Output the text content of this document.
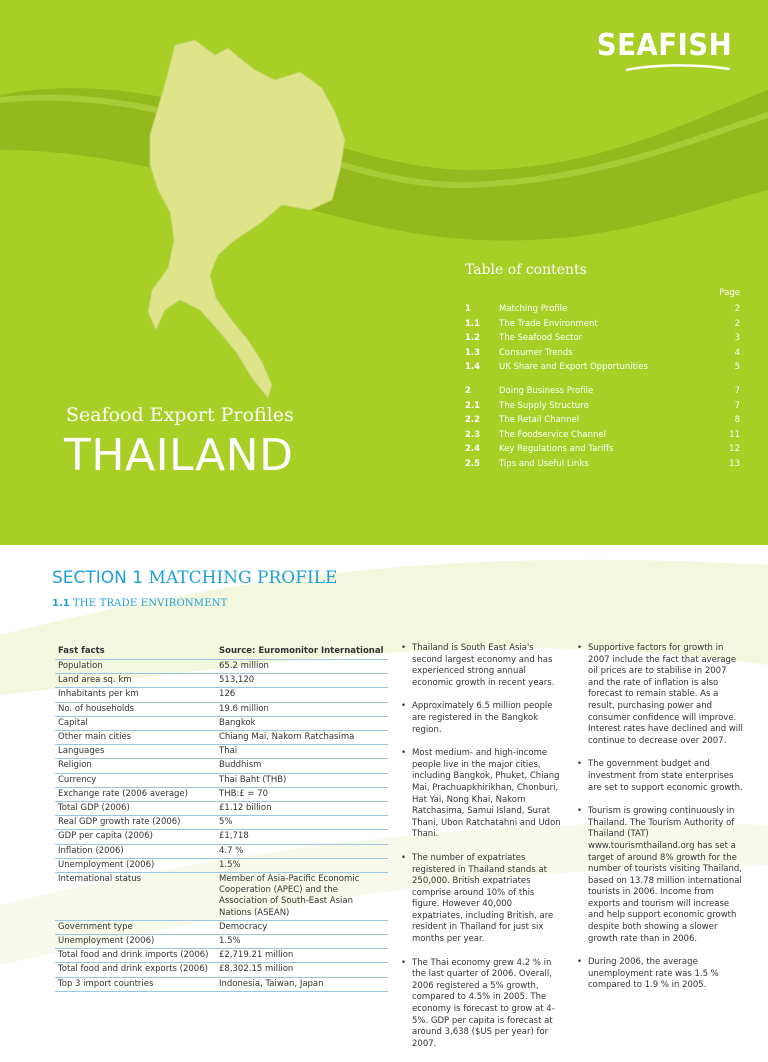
SEAFISH
Table of contents
Page
1	Matching Profile	2
1.1	The Trade Environment	2
1.2	The Seafood Sector	3
1.3	Consumer Trends	4
1.4	UK Share and Export Opportunities	5
2	Doing Business Profile	7
2.1	The Supply Structure	7
2.2	The Retail Channel	8
2.3	The Foodservice Channel	11
2.4	Key Regulations and Tariffs	12
2.5	Tips and Useful Links	13
Seafood Export Profiles
THAILAND
SECTION 1 MATCHING PROFILE
1.1 THE TRADE ENVIRONMENT
Fast facts	Source: Euromonitor International
Population	65.2 million
Land area sq. km	513,120
Inhabitants per km	126
No. of households	19.6 million
Capital	Bangkok
Other main cities	Chiang Mai, Nakorn Ratchasima
Languages	Thai
Religion	Buddhism
Currency	Thai Baht (THB)
Exchange rate (2006 average)	THB:£ = 70
Total GDP (2006)	£1.12 billion
Real GDP growth rate (2006)	5%
GDP per capita (2006)	£1,718
Inflation (2006)	4.7 %
Unemployment (2006)	1.5%
International status	Member of Asia-Pacific Economic Cooperation (APEC) and the Association of South-East Asian Nations (ASEAN)
Government type	Democracy
Unemployment (2006)	1.5%
Total food and drink imports (2006)	£2,719.21 million
Total food and drink exports (2006)	£8,302.15 million
Top 3 import countries	Indonesia, Taiwan, Japan
• Thailand is South East Asia's second largest economy and has experienced strong annual economic growth in recent years.
• Approximately 6.5 million people are registered in the Bangkok region.
• Most medium- and high-income people live in the major cities, including Bangkok, Phuket, Chiang Mai, Prachuapkhirikhan, Chonburi, Hat Yai, Nong Khai, Nakorn Ratchasima, Samui Island, Surat Thani, Ubon Ratchatahni and Udon Thani.
• The number of expatriates registered in Thailand stands at 250,000. British expatriates comprise around 10% of this figure. However 40,000 expatriates, including British, are resident in Thailand for just six months per year.
• The Thai economy grew 4.2 % in the last quarter of 2006. Overall, 2006 registered a 5% growth, compared to 4.5% in 2005. The economy is forecast to grow at 4-5%. GDP per capita is forecast at around 3,638 ($US per year) for 2007.
• Supportive factors for growth in 2007 include the fact that average oil prices are to stabilise in 2007 and the rate of inflation is also forecast to remain stable. As a result, purchasing power and consumer confidence will improve. Interest rates have declined and will continue to decrease over 2007.
• The government budget and investment from state enterprises are set to support economic growth.
• Tourism is growing continuously in Thailand. The Tourism Authority of Thailand (TAT) www.tourismthailand.org has set a target of around 8% growth for the number of tourists visiting Thailand, based on 13.78 million international tourists in 2006. Income from exports and tourism will increase and help support economic growth despite both showing a slower growth rate than in 2006.
• During 2006, the average unemployment rate was 1.5 % compared to 1.9 % in 2005.
